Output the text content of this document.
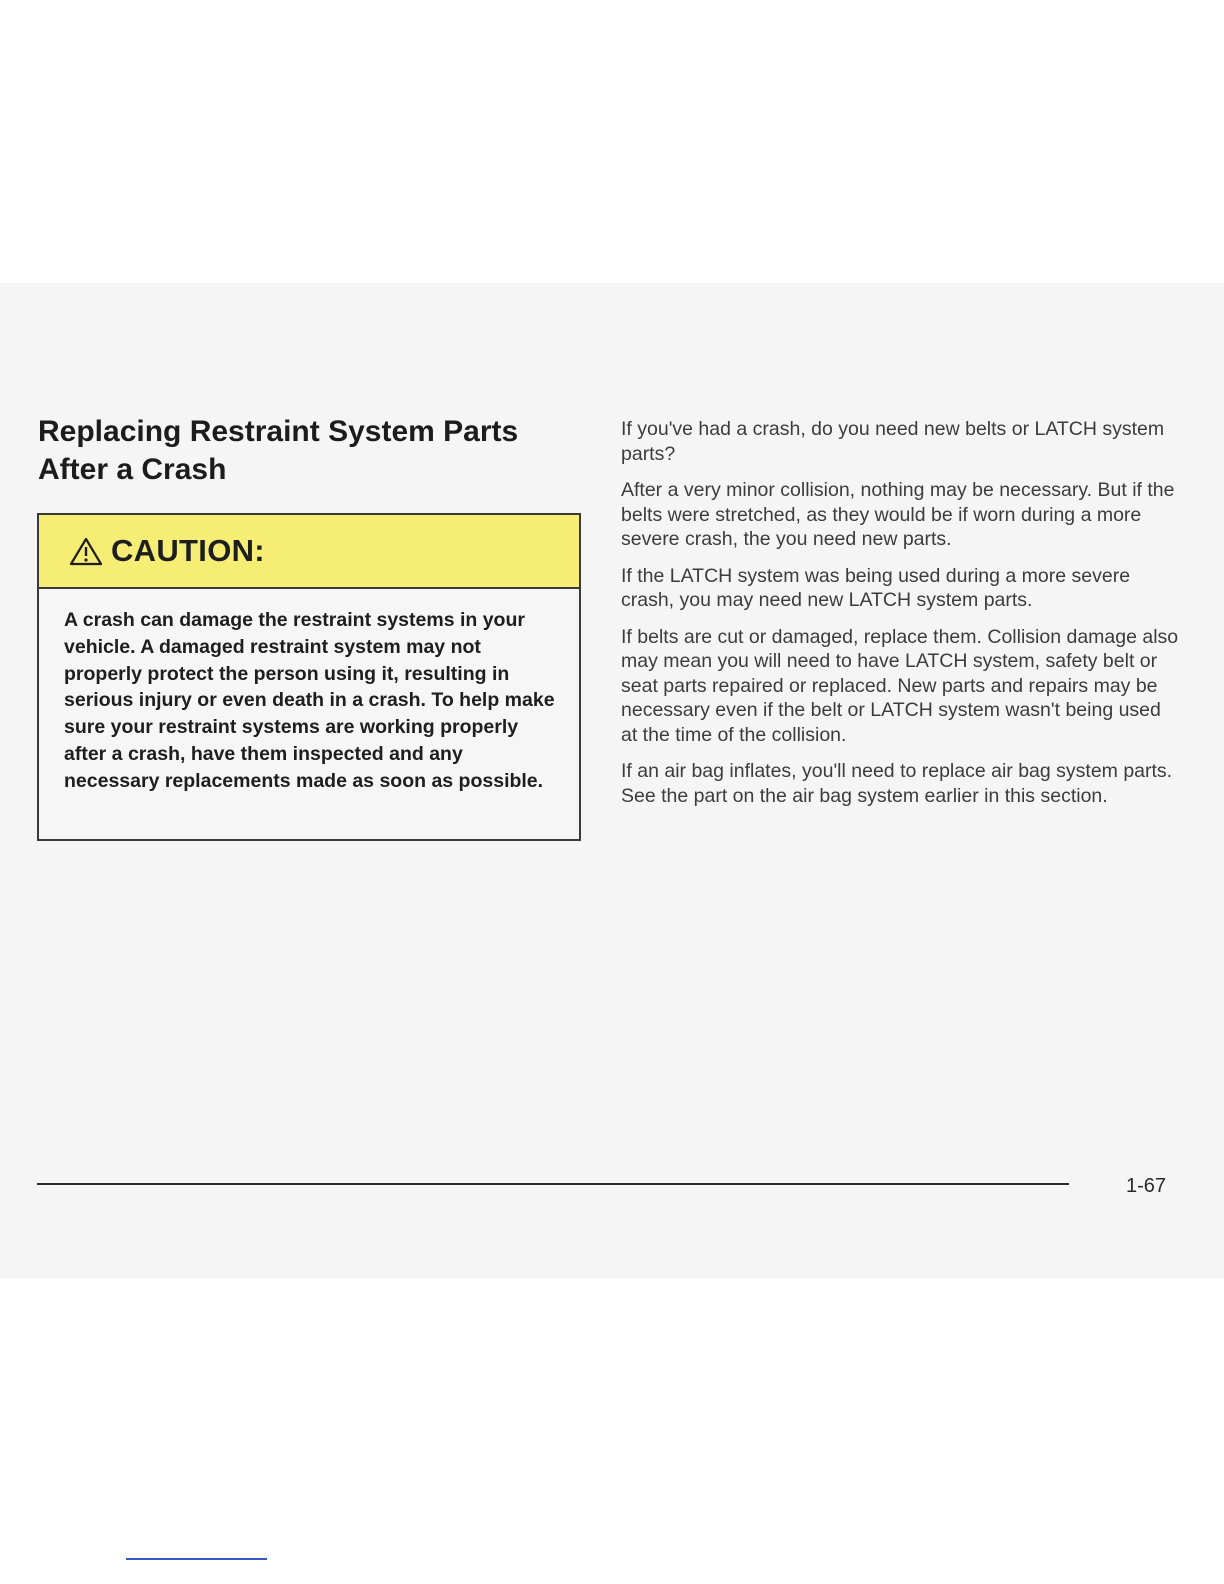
Replacing Restraint System Parts After a Crash
CAUTION:

A crash can damage the restraint systems in your vehicle. A damaged restraint system may not properly protect the person using it, resulting in serious injury or even death in a crash. To help make sure your restraint systems are working properly after a crash, have them inspected and any necessary replacements made as soon as possible.

If you've had a crash, do you need new belts or LATCH system parts?

After a very minor collision, nothing may be necessary. But if the belts were stretched, as they would be if worn during a more severe crash, the you need new parts.

If the LATCH system was being used during a more severe crash, you may need new LATCH system parts.

If belts are cut or damaged, replace them. Collision damage also may mean you will need to have LATCH system, safety belt or seat parts repaired or replaced. New parts and repairs may be necessary even if the belt or LATCH system wasn't being used at the time of the collision.

If an air bag inflates, you'll need to replace air bag system parts. See the part on the air bag system earlier in this section.

1-67
